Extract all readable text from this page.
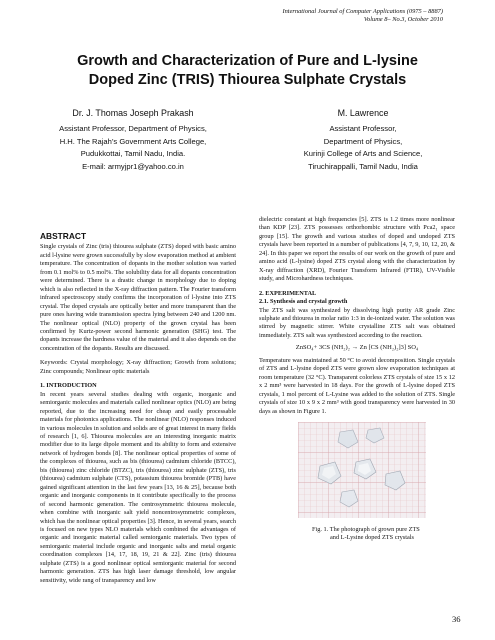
International Journal of Computer Applications (0975 – 8887)
Volume 8– No.3, October 2010
Growth and Characterization of Pure and L-lysine
Doped Zinc (TRIS) Thiourea Sulphate Crystals
Dr. J. Thomas Joseph Prakash
Assistant Professor, Department of Physics,
H.H. The Rajah’s Government Arts College,
Pudukkottai, Tamil Nadu, India.
E-mail: armyjpr1@yahoo.co.in
M. Lawrence
Assistant Professor,
Department of Physics,
Kurinji College of Arts and Science,
Tiruchirappalli, Tamil Nadu, India
ABSTRACT

Single crystals of Zinc (tris) thiourea sulphate (ZTS) doped with basic amino acid l-lysine were grown successfully by slow evaporation method at ambient temperature. The concentration of dopants in the mother solution was varied from 0.1 mol% to 0.5 mol%. The solubility data for all dopants concentration were determined. There is a drastic change in morphology due to doping which is also reflected in the X-ray diffraction pattern. The Fourier transform infrared spectroscopy study confirms the incorporation of l-lysine into ZTS crystal. The doped crystals are optically better and more transparent than the pure ones having wide transmission spectra lying between 240 and 1200 nm. The nonlinear optical (NLO) property of the grown crystal has been confirmed by Kurtz-power second harmonic generation (SHG) test. The dopants increase the hardness value of the material and it also depends on the concentration of the dopants. Results are discussed.

Keywords: Crystal morphology; X-ray diffraction; Growth from solutions; Zinc compounds; Nonlinear optic materials

1. INTRODUCTION

In recent years several studies dealing with organic, inorganic and semiorganic molecules and materials called nonlinear optics (NLO) are being reported, due to the increasing need for cheap and easily processable materials for photonics applications. The nonlinear (NLO) responses induced in various molecules in solution and solids are of great interest in many fields of research [1, 6]. Thiourea molecules are an interesting inorganic matrix modifier due to its large dipole moment and its ability to form and extensive network of hydrogen bonds [8]. The nonlinear optical properties of some of the complexes of thiourea, such as bis (thiourea) cadmium chloride (BTCC), bis (thiourea) zinc chloride (BTZC), tris (thiourea) zinc sulphate (ZTS), tris (thiourea) cadmium sulphate (CTS), potassium thiourea bromide (PTB) have gained significant attention in the last few years [13, 16 & 25], because both organic and inorganic components in it contribute specifically to the process of second harmonic generation. The centrosymmetric thiourea molecule, when combine with inorganic salt yield noncentrosymmetric complexes, which has the nonlinear optical properties [3]. Hence, in several years, search is focused on new types NLO materials which combined the advantages of organic and inorganic material called semiorganic materials. Two types of semiorganic material include organic and inorganic salts and metal organic coordination complexes [14, 17, 18, 19, 21 & 22]. Zinc (tris) thiourea sulphate (ZTS) is a good nonlinear optical semiorganic material for second harmonic generation. ZTS has high laser damage threshold, low angular sensitivity, wide rang of transparency and low

dielectric constant at high frequencies [5]. ZTS is 1.2 times more nonlinear than KDP [23]. ZTS possesses orthorhombic structure with Pca2₁ space group [15]. The growth and various studies of doped and undoped ZTS crystals have been reported in a number of publications [4, 7, 9, 10, 12, 20, & 24]. In this paper we report the results of our work on the growth of pure and amino acid (L-lysine) doped ZTS crystal along with the characterization by X-ray diffraction (XRD), Fourier Transform Infrared (FTIR), UV-Visible study, and Microhardness techniques.

2. EXPERIMENTAL
2.1. Synthesis and crystal growth

The ZTS salt was synthesized by dissolving high purity AR grade Zinc sulphate and thiourea in molar ratio 1:3 in de-ionized water. The solution was stirred by magnetic stirrer. White crystalline ZTS salt was obtained immediately. ZTS salt was synthesized according to the reaction.

ZnSO₄+ 3CS (NH₂)₂ → Zn [CS (NH₂)₂]3] SO₄

Temperature was maintained at 50 °C to avoid decomposition. Single crystals of ZTS and L-lysine doped ZTS were grown slow evaporation techniques at room temperature (32 °C). Transparent colorless ZTS crystals of size 15 x 12 x 2 mm³ were harvested in 18 days. For the growth of L-lysine doped ZTS crystals, 1 mol percent of L-Lysine was added to the solution of ZTS. Single crystals of size 10 x 9 x 2 mm³ with good transparency were harvested in 30 days as shown in Figure 1.

Fig. 1. The photograph of grown pure ZTS
and L-Lysine doped ZTS crystals
36
